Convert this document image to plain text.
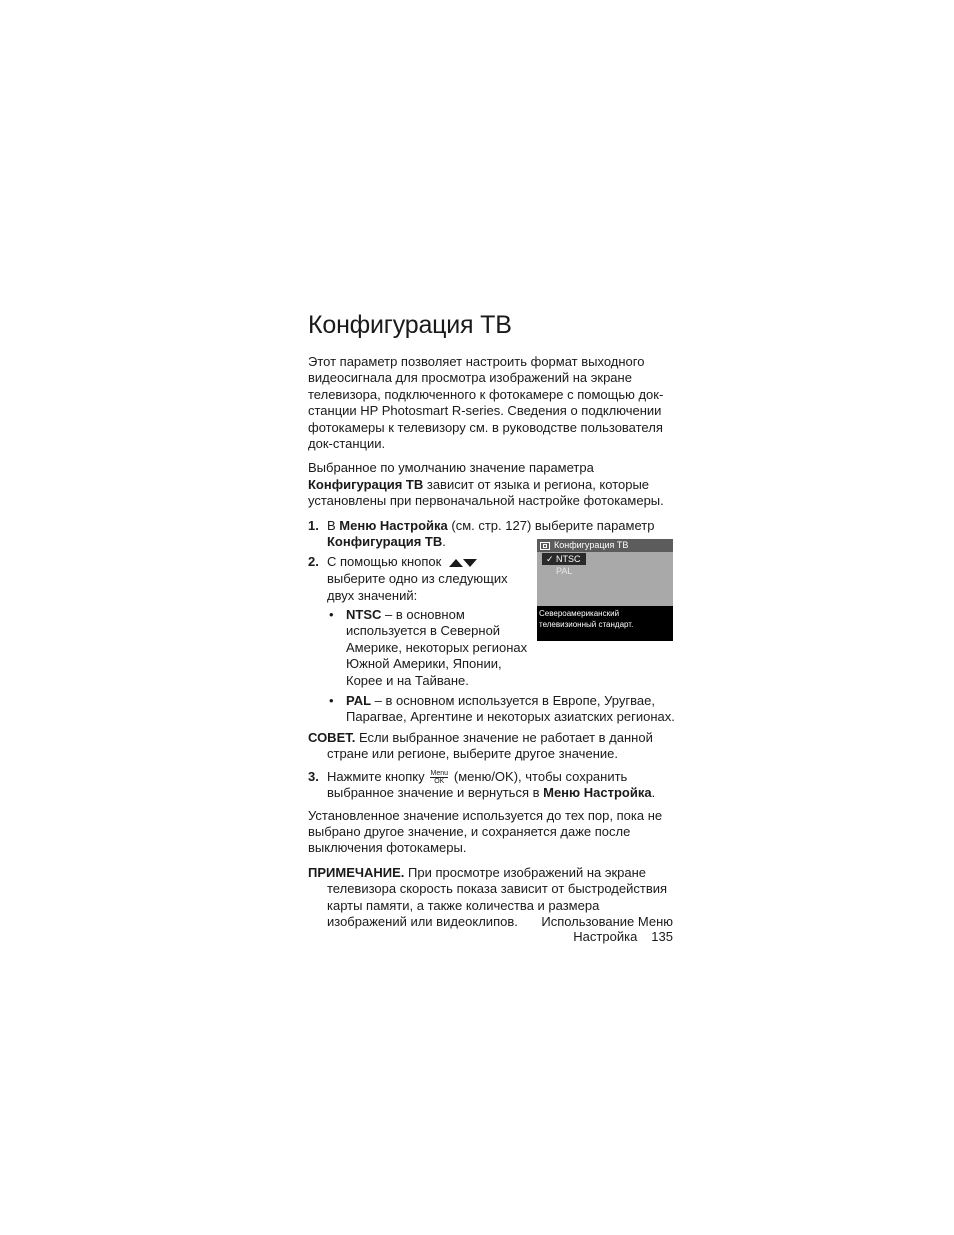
Конфигурация ТВ

Этот параметр позволяет настроить формат выходного видеосигнала для просмотра изображений на экране телевизора, подключенного к фотокамере с помощью док-станции HP Photosmart R-series. Сведения о подключении фотокамеры к телевизору см. в руководстве пользователя док-станции.

Выбранное по умолчанию значение параметра Конфигурация ТВ зависит от языка и региона, которые установлены при первоначальной настройке фотокамеры.

1. В Меню Настройка (см. стр. 127) выберите параметр Конфигурация ТВ.
2. С помощью кнопок  выберите одно из следующих двух значений:
• NTSC – в основном используется в Северной Америке, некоторых регионах Южной Америки, Японии, Корее и на Тайване.
• PAL – в основном используется в Европе, Уругвае, Парагвае, Аргентине и некоторых азиатских регионах.

СОВЕТ. Если выбранное значение не работает в данной стране или регионе, выберите другое значение.

3. Нажмите кнопку Menu
OK (меню/OK), чтобы сохранить выбранное значение и вернуться в Меню Настройка.

Установленное значение используется до тех пор, пока не выбрано другое значение, и сохраняется даже после выключения фотокамеры.

ПРИМЕЧАНИЕ. При просмотре изображений на экране телевизора скорость показа зависит от быстродействия карты памяти, а также количества и размера изображений или видеоклипов.

Конфигурация ТВ
✓ NTSC
PAL
Североамериканский телевизионный стандарт.
Использование Меню Настройка 135
